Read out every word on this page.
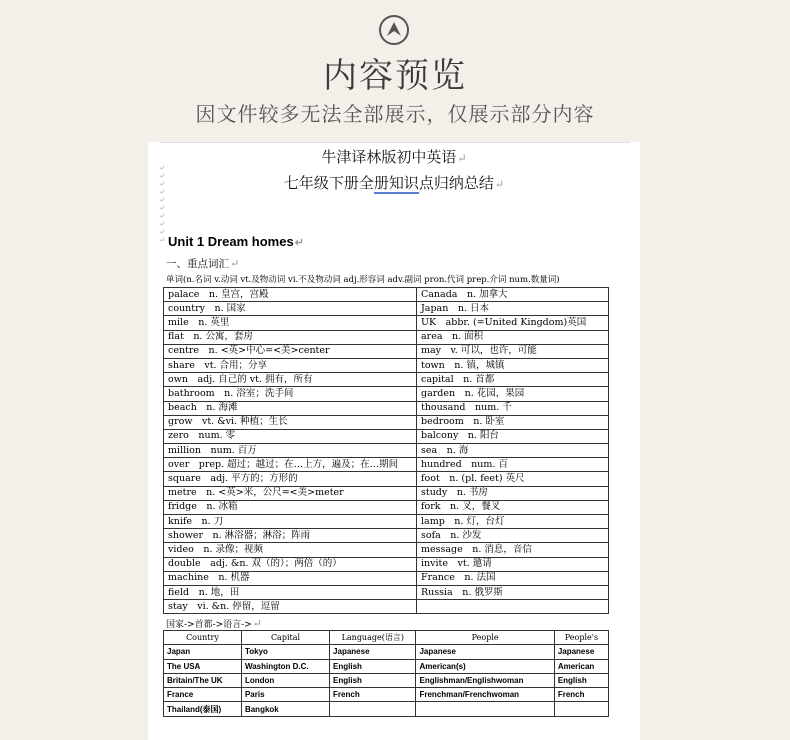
内容预览

因文件较多无法全部展示，仅展示部分内容

↵
↵
↵
↵
↵
↵
↵
↵
↵
↵
牛津译林版初中英语↵
七年级下册全册知识点归纳总结↵
Unit 1 Dream homes↵
一、重点词汇↵
单词(n.名词 v.动词 vt.及物动词 vi.不及物动词 adj.形容词 adv.副词 pron.代词 prep.介词 num.数量词)
palace　n. 皇宫，宫殿	Canada　n. 加拿大
country　n. 国家	Japan　n. 日本
mile　n. 英里	UK　abbr. (=United Kingdom)英国
flat　n. 公寓，套房	area　n. 面积
centre　n. <英>中心=<美>center	may　v. 可以，也许，可能
share　vt. 合用；分享	town　n. 镇，城镇
own　adj. 自己的 vt. 拥有，所有	capital　n. 首都
bathroom　n. 浴室；洗手间	garden　n. 花园，果园
beach　n. 海滩	thousand　num. 千
grow　vt. &vi. 种植；生长	bedroom　n. 卧室
zero　num. 零	balcony　n. 阳台
million　num. 百万	sea　n. 海
over　prep. 超过；越过；在…上方，遍及；在…期间	hundred　num. 百
square　adj. 平方的；方形的	foot　n. (pl. feet) 英尺
metre　n. <英>米，公尺=<美>meter	study　n. 书房
fridge　n. 冰箱	fork　n. 叉，餐叉
knife　n. 刀	lamp　n. 灯，台灯
shower　n. 淋浴器；淋浴；阵雨	sofa　n. 沙发
video　n. 录像；视频	message　n. 消息，音信
double　adj. &n. 双（的）；两倍（的）	invite　vt. 邀请
machine　n. 机器	France　n. 法国
field　n. 地，田	Russia　n. 俄罗斯
stay　vi. &n. 停留，逗留	
国家->首都->语言->↵
Country	Capital	Language(语言)	People	People's
Japan	Tokyo	Japanese	Japanese	Japanese
The USA	Washington D.C.	English	American(s)	American
Britain/The UK	London	English	Englishman/Englishwoman	English
France	Paris	French	Frenchman/Frenchwoman	French
Thailand(泰国)	Bangkok			
